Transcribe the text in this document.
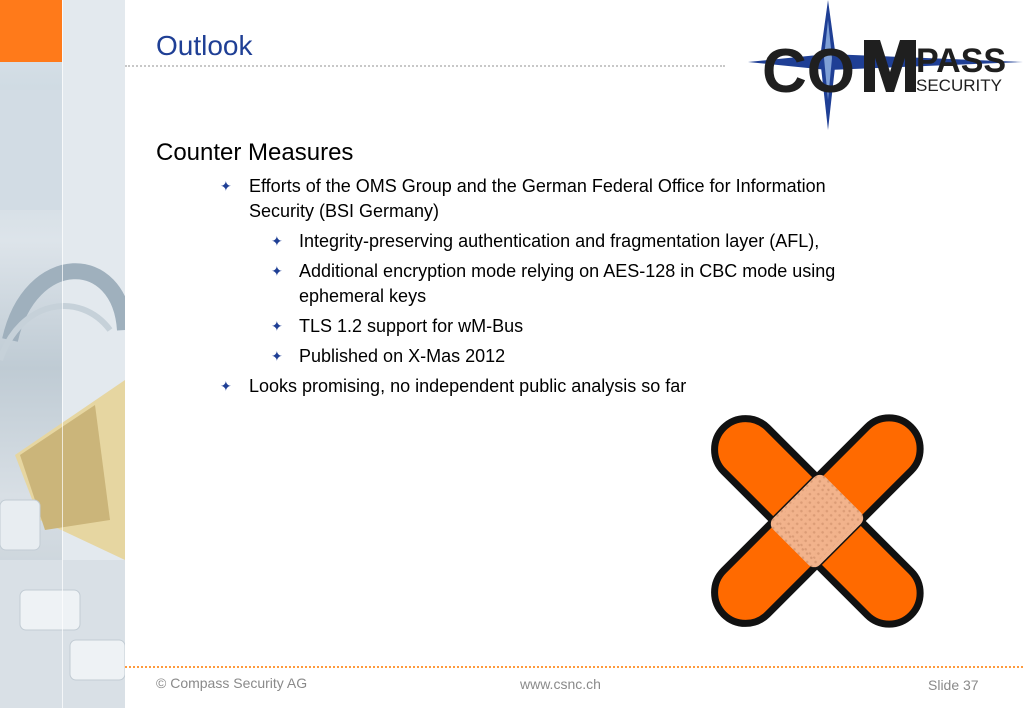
Outlook	CO PASS
SECURITY
Counter Measures
✦ Efforts of the OMS Group and the German Federal Office for Information
Security (BSI Germany)
✦ Integrity-preserving authentication and fragmentation layer (AFL),
✦ Additional encryption mode relying on AES-128 in CBC mode using
ephemeral keys
✦ TLS 1.2 support for wM-Bus
✦ Published on X-Mas 2012
✦ Looks promising, no independent public analysis so far
© Compass Security AG	www.csnc.ch	Slide 37
